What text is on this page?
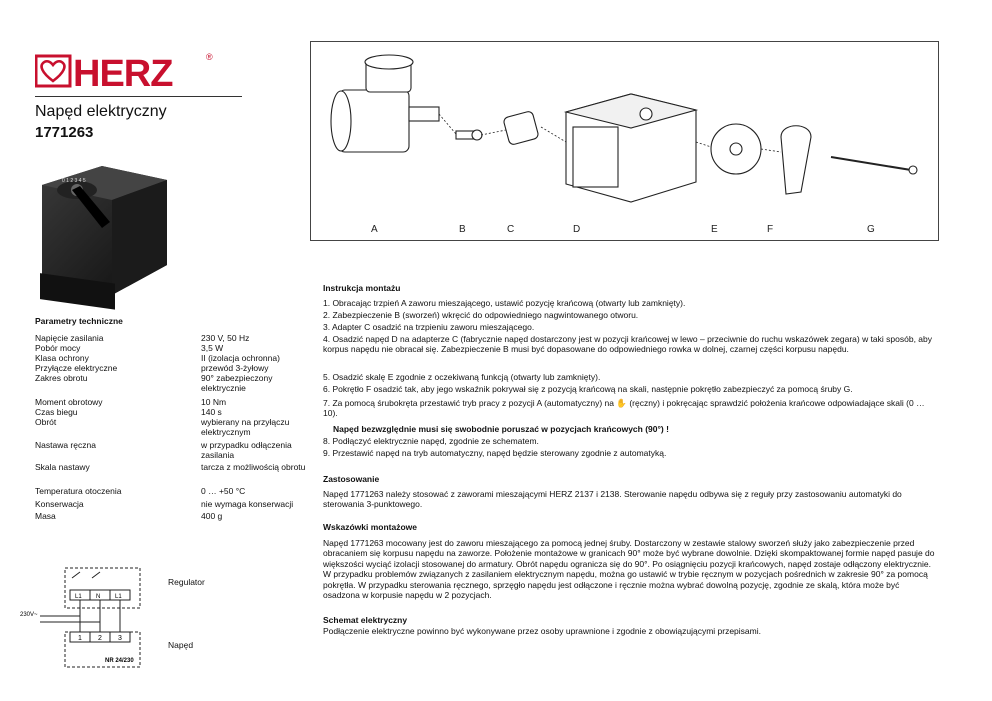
HERZ	®
Napęd elektryczny
1771263
0 1 2 3 4 5
Parametry techniczne
Napięcie zasilania	230 V, 50 Hz
Pobór mocy	3,5 W
Klasa ochrony	II (izolacja ochronna)
Przyłącze elektryczne	przewód 3-żyłowy
Zakres obrotu	90° zabezpieczony elektrycznie
Moment obrotowy	10 Nm
Czas biegu	140 s
Obrót	wybierany na przyłączu elektrycznym
Nastawa ręczna	w przypadku odłączenia zasilania
Skala nastawy	tarcza z możliwością obrotu
Temperatura otoczenia	0 … +50 °C
Konserwacja	nie wymaga konserwacji
Masa	400 g
L1 N L1
230V~
1 2 3
NR 24/230
Regulator
Napęd
A	B	C	D	E	F	G
Instrukcja montażu
1. Obracając trzpień A zaworu mieszającego, ustawić pozycję krańcową (otwarty lub zamknięty).
2. Zabezpieczenie B (sworzeń) wkręcić do odpowiedniego nagwintowanego otworu.
3. Adapter C osadzić na trzpieniu zaworu mieszającego.
4. Osadzić napęd D na adapterze C (fabrycznie napęd dostarczony jest w pozycji krańcowej w lewo – przeciwnie do ruchu wskazówek zegara) w taki sposób, aby korpus napędu nie obracał się. Zabezpieczenie B musi być dopasowane do odpowiedniego rowka w dolnej, czarnej części korpusu napędu.
5. Osadzić skalę E zgodnie z oczekiwaną funkcją (otwarty lub zamknięty).
6. Pokrętło F osadzić tak, aby jego wskaźnik pokrywał się z pozycją krańcową na skali, następnie pokrętło zabezpieczyć za pomocą śruby G.
7. Za pomocą śrubokręta przestawić tryb pracy z pozycji A (automatyczny) na ✋ (ręczny) i pokręcając sprawdzić położenia krańcowe odpowiadające skali (0 … 10).
Napęd bezwzględnie musi się swobodnie poruszać w pozycjach krańcowych (90°) !
8. Podłączyć elektrycznie napęd, zgodnie ze schematem.
9. Przestawić napęd na tryb automatyczny, napęd będzie sterowany zgodnie z automatyką.
Zastosowanie
Napęd 1771263 należy stosować z zaworami mieszającymi HERZ 2137 i 2138. Sterowanie napędu odbywa się z reguły przy zastosowaniu automatyki do sterowania 3-punktowego.
Wskazówki montażowe
Napęd 1771263 mocowany jest do zaworu mieszającego za pomocą jednej śruby. Dostarczony w zestawie stalowy sworzeń służy jako zabezpieczenie przed obracaniem się korpusu napędu na zaworze. Położenie montażowe w granicach 90° może być wybrane dowolnie. Dzięki skompaktowanej formie napęd pasuje do większości wyciąć izolacji stosowanej do armatury. Obrót napędu ogranicza się do 90°. Po osiągnięciu pozycji krańcowych, napęd zostaje odłączony elektrycznie. W przypadku problemów związanych z zasilaniem elektrycznym napędu, można go ustawić w trybie ręcznym w pozycjach pośrednich w zakresie 90° za pomocą pokrętła. W przypadku sterowania ręcznego, sprzęgło napędu jest odłączone i ręcznie można wybrać dowolną pozycję, zgodnie ze skalą, która może być osadzona w korpusie napędu w 2 pozycjach.
Schemat elektryczny
Podłączenie elektryczne powinno być wykonywane przez osoby uprawnione i zgodnie z obowiązującymi przepisami.
